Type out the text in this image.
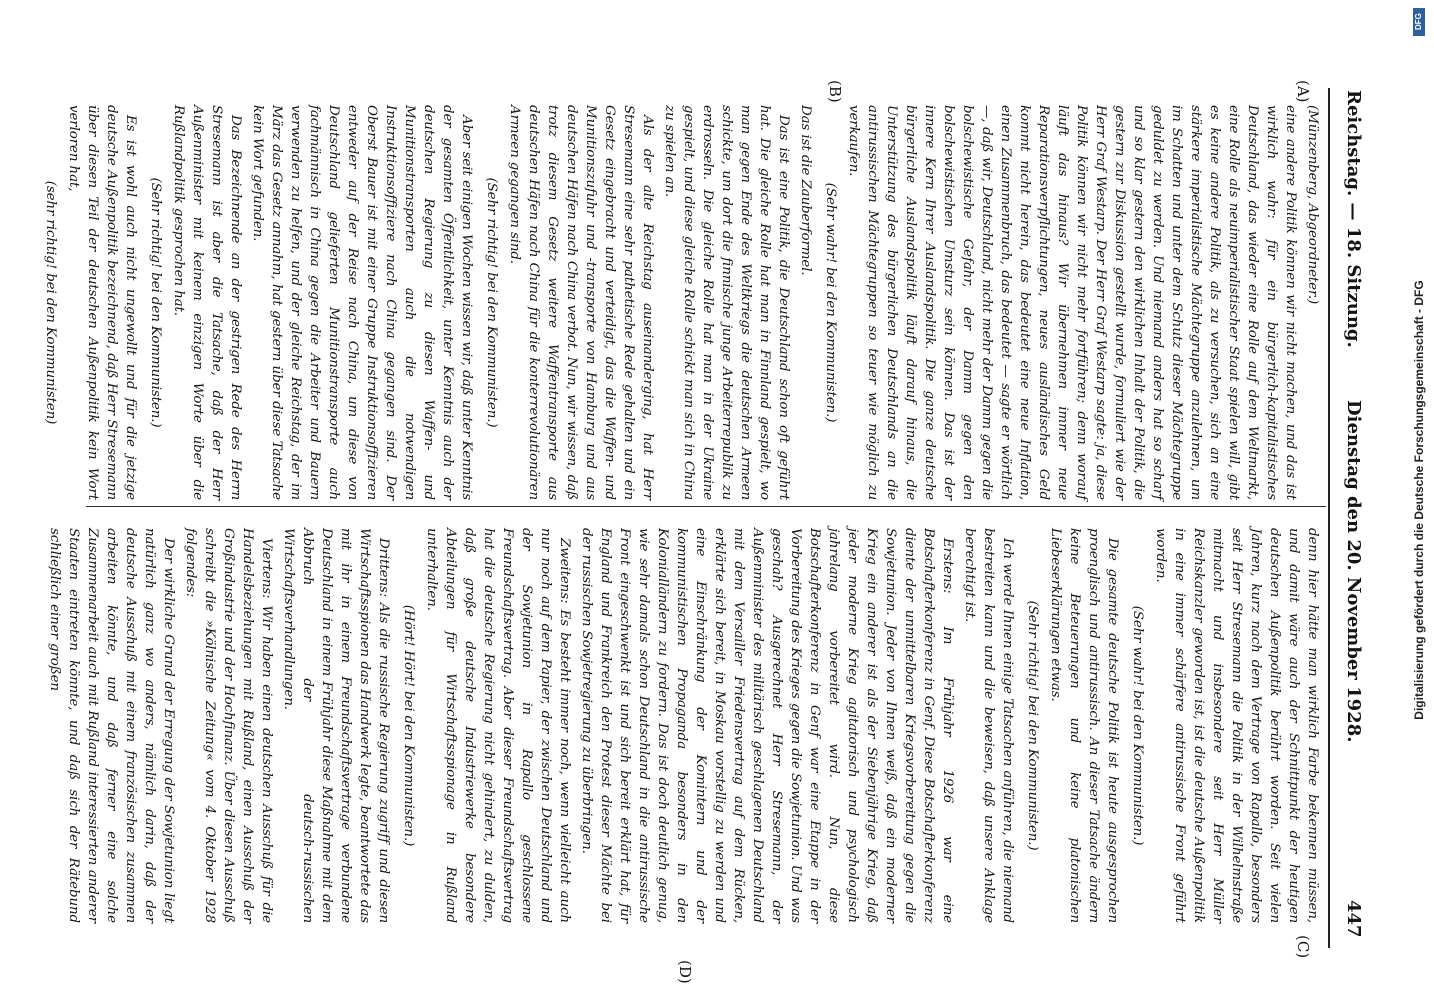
Reichstag. — 18. Sitzung.
Dienstag den 20. November 1928.
447
(A)
(B)
(C)
(D)

(Münzenberg, Abgeordneter.)

eine andere Politik können wir nicht machen, und das ist wirklich wahr: für ein bürgerlich-kapitalistisches Deutschland, das wieder eine Rolle auf dem Weltmarkt, eine Rolle als neuimperialistischer Staat spielen will, gibt es keine andere Politik, als zu versuchen, sich an eine stärkere imperialistische Mächtegruppe anzulehnen, um im Schatten und unter dem Schutz dieser Mächtegruppe geduldet zu werden. Und niemand anders hat so scharf und so klar gestern den wirklichen Inhalt der Politik, die gestern zur Diskussion gestellt wurde, formuliert wie der Herr Graf Westarp. Der Herr Graf Westarp sagte: ja, diese Politik können wir nicht mehr fortführen; denn worauf läuft das hinaus? Wir übernehmen immer neue Reparationsverpflichtungen, neues ausländisches Geld kommt nicht herein, das bedeutet eine neue Inflation, einen Zusammenbruch, das bedeutet — sagte er wörtlich —, daß wir, Deutschland, nicht mehr der Damm gegen die bolschewistische Gefahr, der Damm gegen den bolschewistischen Umsturz sein können. Das ist der innere Kern Ihrer Auslandspolitik. Die ganze deutsche bürgerliche Auslandspolitik läuft darauf hinaus, die Unterstützung des bürgerlichen Deutschlands an die antirussischen Mächtegruppen so teuer wie möglich zu verkaufen.

(Sehr wahr! bei den Kommunisten.)

Das ist die Zauberformel.

Das ist eine Politik, die Deutschland schon oft geführt hat. Die gleiche Rolle hat man in Finnland gespielt, wo man gegen Ende des Weltkriegs die deutschen Armeen schickte, um dort die finnische junge Arbeiterrepublik zu erdrosseln. Die gleiche Rolle hat man in der Ukraine gespielt, und diese gleiche Rolle schickt man sich in China zu spielen an.

Als der alte Reichstag auseinanderging, hat Herr Stresemann eine sehr pathetische Rede gehalten und ein Gesetz eingebracht und verteidigt, das die Waffen- und Munitionszufuhr und -transporte von Hamburg und aus deutschen Häfen nach China verbot. Nun, wir wissen, daß trotz diesem Gesetz weitere Waffentransporte aus deutschen Häfen nach China für die konterrevolutionären Armeen gegangen sind.

(Sehr richtig! bei den Kommunisten.)

Aber seit einigen Wochen wissen wir, daß unter Kenntnis der gesamten Öffentlichkeit, unter Kenntnis auch der deutschen Regierung zu diesen Waffen- und Munitionstransporten auch die notwendigen Instruktionsoffiziere nach China gegangen sind. Der Oberst Bauer ist mit einer Gruppe Instruktionsoffizieren entweder auf der Reise nach China, um diese von Deutschland gelieferten Munitionstransporte auch fachmännisch in China gegen die Arbeiter und Bauern verwenden zu helfen, und der gleiche Reichstag, der im März das Gesetz annahm, hat gestern über diese Tatsache kein Wort gefunden.

Das Bezeichnende an der gestrigen Rede des Herrn Stresemann ist aber die Tatsache, daß der Herr Außenminister mit keinem einzigen Worte über die Rußlandpolitik gesprochen hat.

(Sehr richtig! bei den Kommunisten.)

Es ist wohl auch nicht ungewollt und für die jetzige deutsche Außenpolitik bezeichnend, daß Herr Stresemann über diesen Teil der deutschen Außenpolitik kein Wort verloren hat,

(sehr richtig! bei den Kommunisten)

denn hier hätte man wirklich Farbe bekennen müssen, und damit wäre auch der Schnittpunkt der heutigen deutschen Außenpolitik berührt worden. Seit vielen Jahren, kurz nach dem Vertrage von Rapallo, besonders seit Herr Stresemann die Politik in der Wilhelmstraße mitmacht und insbesondere seit Herr Müller Reichskanzler geworden ist, ist die deutsche Außenpolitik in eine immer schärfere antirussische Front geführt worden.

(Sehr wahr! bei den Kommunisten.)

Die gesamte deutsche Politik ist heute ausgesprochen proenglisch und antirussisch. An dieser Tatsache ändern keine Beteuerungen und keine platonischen Liebeserklärungen etwas.

(Sehr richtig! bei den Kommunisten.)

Ich werde Ihnen einige Tatsachen anführen, die niemand bestreiten kann und die beweisen, daß unsere Anklage berechtigt ist.

Erstens: Im Frühjahr 1926 war eine Botschafterkonferenz in Genf. Diese Botschafterkonferenz diente der unmittelbaren Kriegsvorbereitung gegen die Sowjetunion. Jeder von Ihnen weiß, daß ein moderner Krieg ein anderer ist als der Siebenjährige Krieg, daß jeder moderne Krieg agitatorisch und psychologisch jahrelang vorbereitet wird. Nun, diese Botschafterkonferenz in Genf war eine Etappe in der Vorbereitung des Krieges gegen die Sowjetunion. Und was geschah? Ausgerechnet Herr Stresemann, der Außenminister des militärisch geschlagenen Deutschland mit dem Versailler Friedensvertrag auf dem Rücken, erklärte sich bereit, in Moskau vorstellig zu werden und eine Einschränkung der Komintern und der kommunistischen Propaganda besonders in den Kolonialländern zu fordern. Das ist doch deutlich genug, wie sehr damals schon Deutschland in die antirussische Front eingeschwenkt ist und sich bereit erklärt hat, für England und Frankreich den Protest dieser Mächte bei der russischen Sowjetregierung zu überbringen.

Zweitens: Es besteht immer noch, wenn vielleicht auch nur noch auf dem Papier, der zwischen Deutschland und der Sowjetunion in Rapallo geschlossene Freundschaftsvertrag. Aber dieser Freundschaftsvertrag hat die deutsche Regierung nicht gehindert, zu dulden, daß große deutsche Industriewerke besondere Abteilungen für Wirtschaftsspionage in Rußland unterhalten.

(Hört! Hört! bei den Kommunisten.)

Drittens: Als die russische Regierung zugriff und diesen Wirtschaftsspionen das Handwerk legte, beantwortete das mit ihr in einem Freundschaftsvertrage verbundene Deutschland in einem Frühjahr diese Maßnahme mit dem Abbruch der deutsch-russischen Wirtschaftsverhandlungen.

Viertens: Wir haben einen deutschen Ausschuß für die Handelsbeziehungen mit Rußland, einen Ausschuß der Großindustrie und der Hochfinanz. Über diesen Ausschuß schreibt die »Kölnische Zeitung« vom 4. Oktober 1928 folgendes:

Der wirkliche Grund der Erregung der Sowjetunion liegt natürlich ganz wo anders, nämlich darin, daß der deutsche Ausschuß mit einem französischen zusammen arbeiten könnte, und daß ferner eine solche Zusammenarbeit auch mit Rußland interessierten anderer Staaten eintreten könnte, und daß sich der Rätebund schließlich einer großen

DFG
Digitalisierung gefördert durch die Deutsche Forschungsgemeinschaft - DFG
